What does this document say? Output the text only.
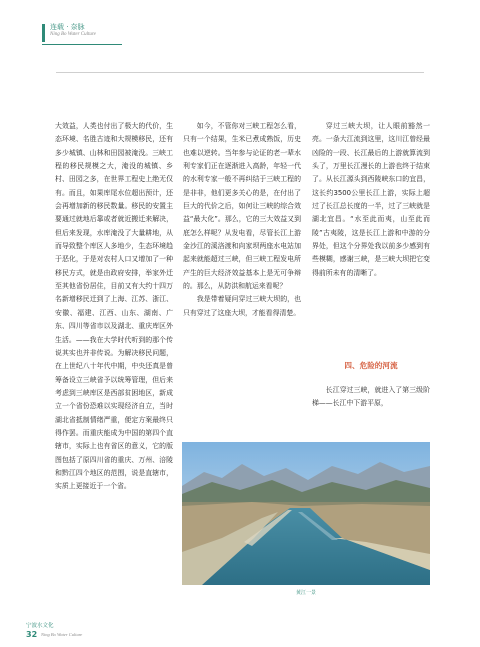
连载 · 奈脉
Ning Bo Water Culture

大效益，人类也付出了极大的代价，生态环境、名胜古迹和大规模移民，还有多少城镇、山林和田园被淹没。三峡工程的移民规模之大，淹没的城镇、乡村、田园之多，在世界工程史上绝无仅有。而且，如果库尾水位超出预计，还会再增加新的移民数量。移民的安置主要通过就地后靠或者就近搬迁来解决，但后来发现，水库淹没了大量耕地，从而导致整个库区人多地少，生态环境趋于恶化，于是对农村人口又增加了一种移民方式，就是由政府安排，举家外迁至其他省份居住，目前又有大约十四万名新增移民迁到了上海、江苏、浙江、安徽、福建、江西、山东、湖南、广东、四川等省市以及湖北、重庆库区外生活。——我在大学时代听到的那个传说其实也并非传说。为解决移民问题，在上世纪八十年代中期，中央还真是曾筹备设立三峡省予以统筹管理，但后来考虑到三峡库区是西部贫困地区，新成立一个省份恐难以实现经济自立，当时湖北省抵制情绪严重，便定方案最终只得作罢。而重庆能成为中国的第四个直辖市，实际上也有省区的意义，它的版图包括了原四川省的重庆、万州、涪陵和黔江四个地区的范围，说是直辖市，实质上更接近于一个省。

如今，不管你对三峡工程怎么看，只有一个结果，生米已煮成熟饭，历史也难以逆转。当年参与论证的老一辈水利专家们正在逐渐进入高龄，年轻一代的水利专家一般不再纠结于三峡工程的是非非，他们更多关心的是，在付出了巨大的代价之后，如何让三峡的综合效益“最大化”。那么，它的三大效益又到底怎么样呢？从发电看，尽管长江上游金沙江的溪洛渡和向家坝两座水电站加起来就能超过三峡，但三峡工程发电所产生的巨大经济效益基本上是无可争辩的。那么，从防洪和航运来看呢？

我是带着疑问穿过三峡大坝的，也只有穿过了这座大坝，才能看得清楚。

穿过三峡大坝，让人眼前豁然一亮。一条大江流到这里，这川江曾经最凶险的一段、长江最后的上游就算流到头了，万里长江漫长的上游也终于结束了。从长江源头到西陵峡东口的宜昌，这长约3500公里长江上游，实际上超过了长江总长度的一半，过了三峡就是湖北宜昌。“水至此而夷，山至此而陵”古夷陵，这是长江上游和中游的分界处，但这个分界处我以前多少感到有些模糊，感谢三峡，是三峡大坝把它变得前所未有的清晰了。

四、危险的河流

长江穿过三峡，就进入了第三级阶梯——长江中下游平原，

黄江一景
宁波水文化
32 Ning Bo Water Culture
